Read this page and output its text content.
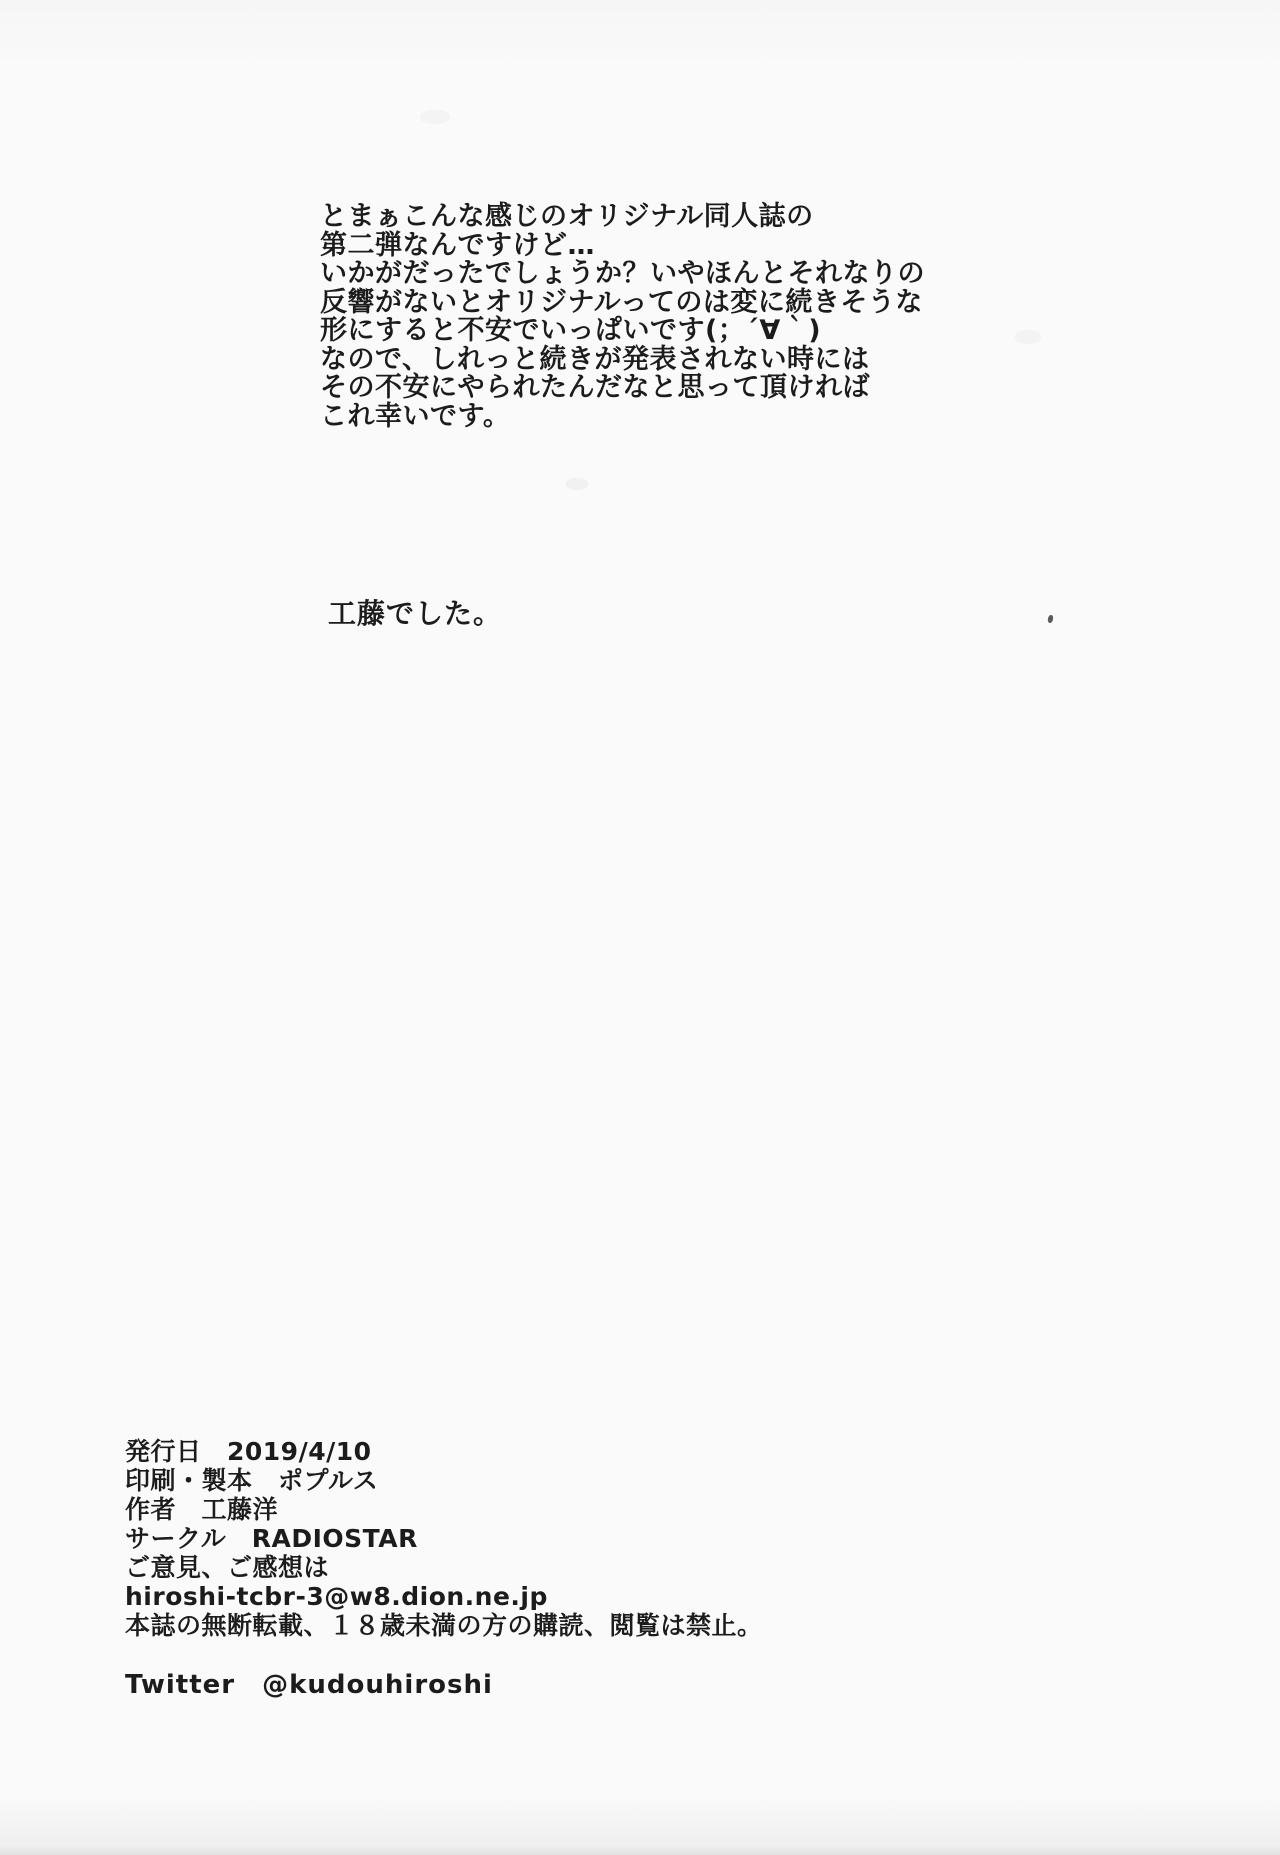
とまぁこんな感じのオリジナル同人誌の
第二弾なんですけど…
いかがだったでしょうか？いやほんとそれなりの
反響がないとオリジナルってのは変に続きそうな
形にすると不安でいっぱいです(；´∀｀)
なので、しれっと続きが発表されない時には
その不安にやられたんだなと思って頂ければ
これ幸いです。
工藤でした。
発行日　2019/4/10
印刷・製本　ポプルス
作者　工藤洋
サークル　RADIOSTAR
ご意見、ご感想は
hiroshi-tcbr-3@w8.dion.ne.jp
本誌の無断転載、１８歳未満の方の購読、閲覧は禁止。
Twitter　@kudouhiroshi
